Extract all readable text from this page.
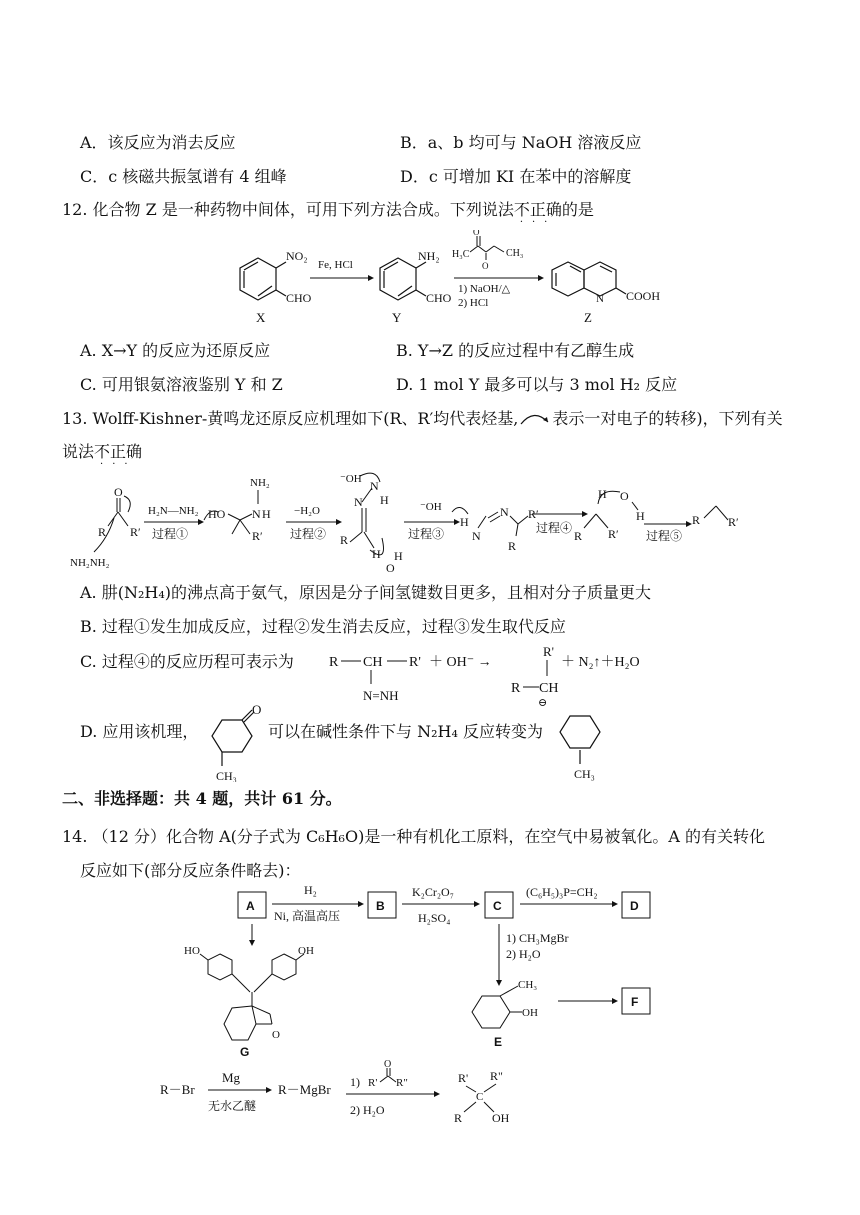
A．该反应为消去反应	B．a、b 均可与 NaOH 溶液反应
C．c 核磁共振氢谱有 4 组峰	D．c 可增加 KI 在苯中的溶解度
12. 化合物 Z 是一种药物中间体，可用下列方法合成。下列说法不正确
···
的是
NO₂
CHO
X
Fe, HCl
NH₂
CHO
Y
O
O
H₃C	CH₃
1) NaOH/△
2) HCl	N COOH
Z
A. X→Y 的反应为还原反应	B. Y→Z 的反应过程中有乙醇生成
C. 可用银氨溶液鉴别 Y 和 Z	D. 1 mol Y 最多可以与 3 mol H₂ 反应
13. Wolff-Kishner-黄鸣龙还原反应机理如下(R、R′均代表烃基, 表示一对电子的转移)，下列有关
说法不正确
···
O
R R′
NH₂NH₂
H₂N—NH₂
过程①
HO N H
NH₂
R′
−H₂O
过程②
⁻OH N
H
N
R
H
O
H
⁻OH
过程③
H
N
N R′
R
过程④
R R′
H O
H
过程⑤
R R′
A. 肼(N₂H₄)的沸点高于氨气，原因是分子间氢键数目更多，且相对分子质量更大
B. 过程①发生加成反应，过程②发生消去反应，过程③发生取代反应
C. 过程④的反应历程可表示为	R CH R'
N=NH
＋ OH⁻ →
R'
R CH
⊖
＋ N₂↑＋H₂O
D. 应用该机理，
O
CH₃
可以在碱性条件下与 N₂H₄ 反应转变为
CH₃
二、非选择题：共 4 题，共计 61 分。
14. （12 分）化合物 A(分子式为 C₆H₆O)是一种有机化工原料，在空气中易被氧化。A 的有关转化
反应如下(部分反应条件略去)：
A	B	C	D
F
H₂
Ni, 高温高压
K₂Cr₂O₇
H₂SO₄
(C₆H₅)₃P=CH₂
1) CH₃MgBr
2) H₂O
HO	OH
O
G
CH₃
OH
E
R－Br
Mg
无水乙醚
R－MgBr 1)
O
R' R"
2) H₂O
R' R"
C
R OH
